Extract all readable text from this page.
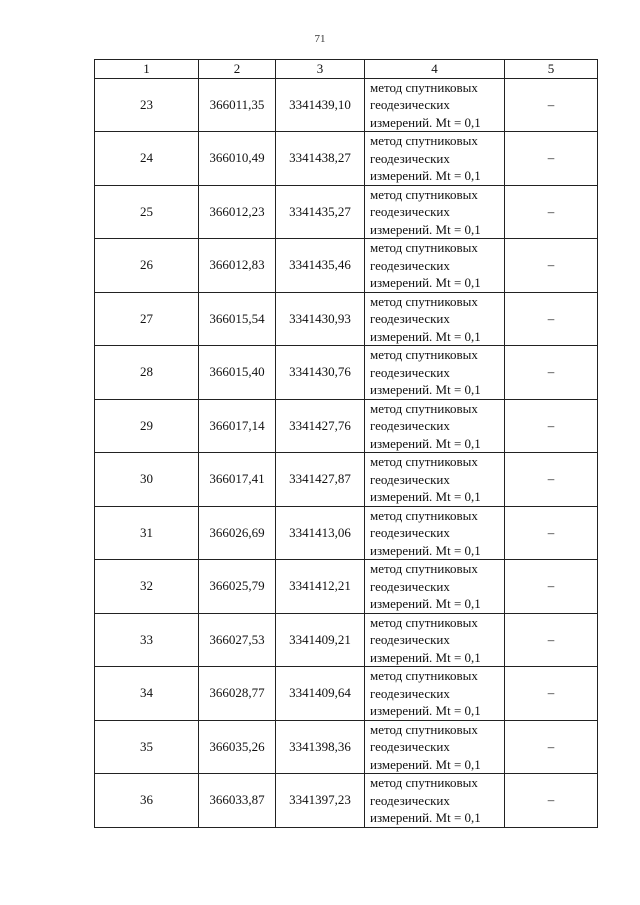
71
1	2	3	4	5
23	366011,35	3341439,10	метод спутниковых
геодезических
измерений. Mt = 0,1	–
24	366010,49	3341438,27	метод спутниковых
геодезических
измерений. Mt = 0,1	–
25	366012,23	3341435,27	метод спутниковых
геодезических
измерений. Mt = 0,1	–
26	366012,83	3341435,46	метод спутниковых
геодезических
измерений. Mt = 0,1	–
27	366015,54	3341430,93	метод спутниковых
геодезических
измерений. Mt = 0,1	–
28	366015,40	3341430,76	метод спутниковых
геодезических
измерений. Mt = 0,1	–
29	366017,14	3341427,76	метод спутниковых
геодезических
измерений. Mt = 0,1	–
30	366017,41	3341427,87	метод спутниковых
геодезических
измерений. Mt = 0,1	–
31	366026,69	3341413,06	метод спутниковых
геодезических
измерений. Mt = 0,1	–
32	366025,79	3341412,21	метод спутниковых
геодезических
измерений. Mt = 0,1	–
33	366027,53	3341409,21	метод спутниковых
геодезических
измерений. Mt = 0,1	–
34	366028,77	3341409,64	метод спутниковых
геодезических
измерений. Mt = 0,1	–
35	366035,26	3341398,36	метод спутниковых
геодезических
измерений. Mt = 0,1	–
36	366033,87	3341397,23	метод спутниковых
геодезических
измерений. Mt = 0,1	–
